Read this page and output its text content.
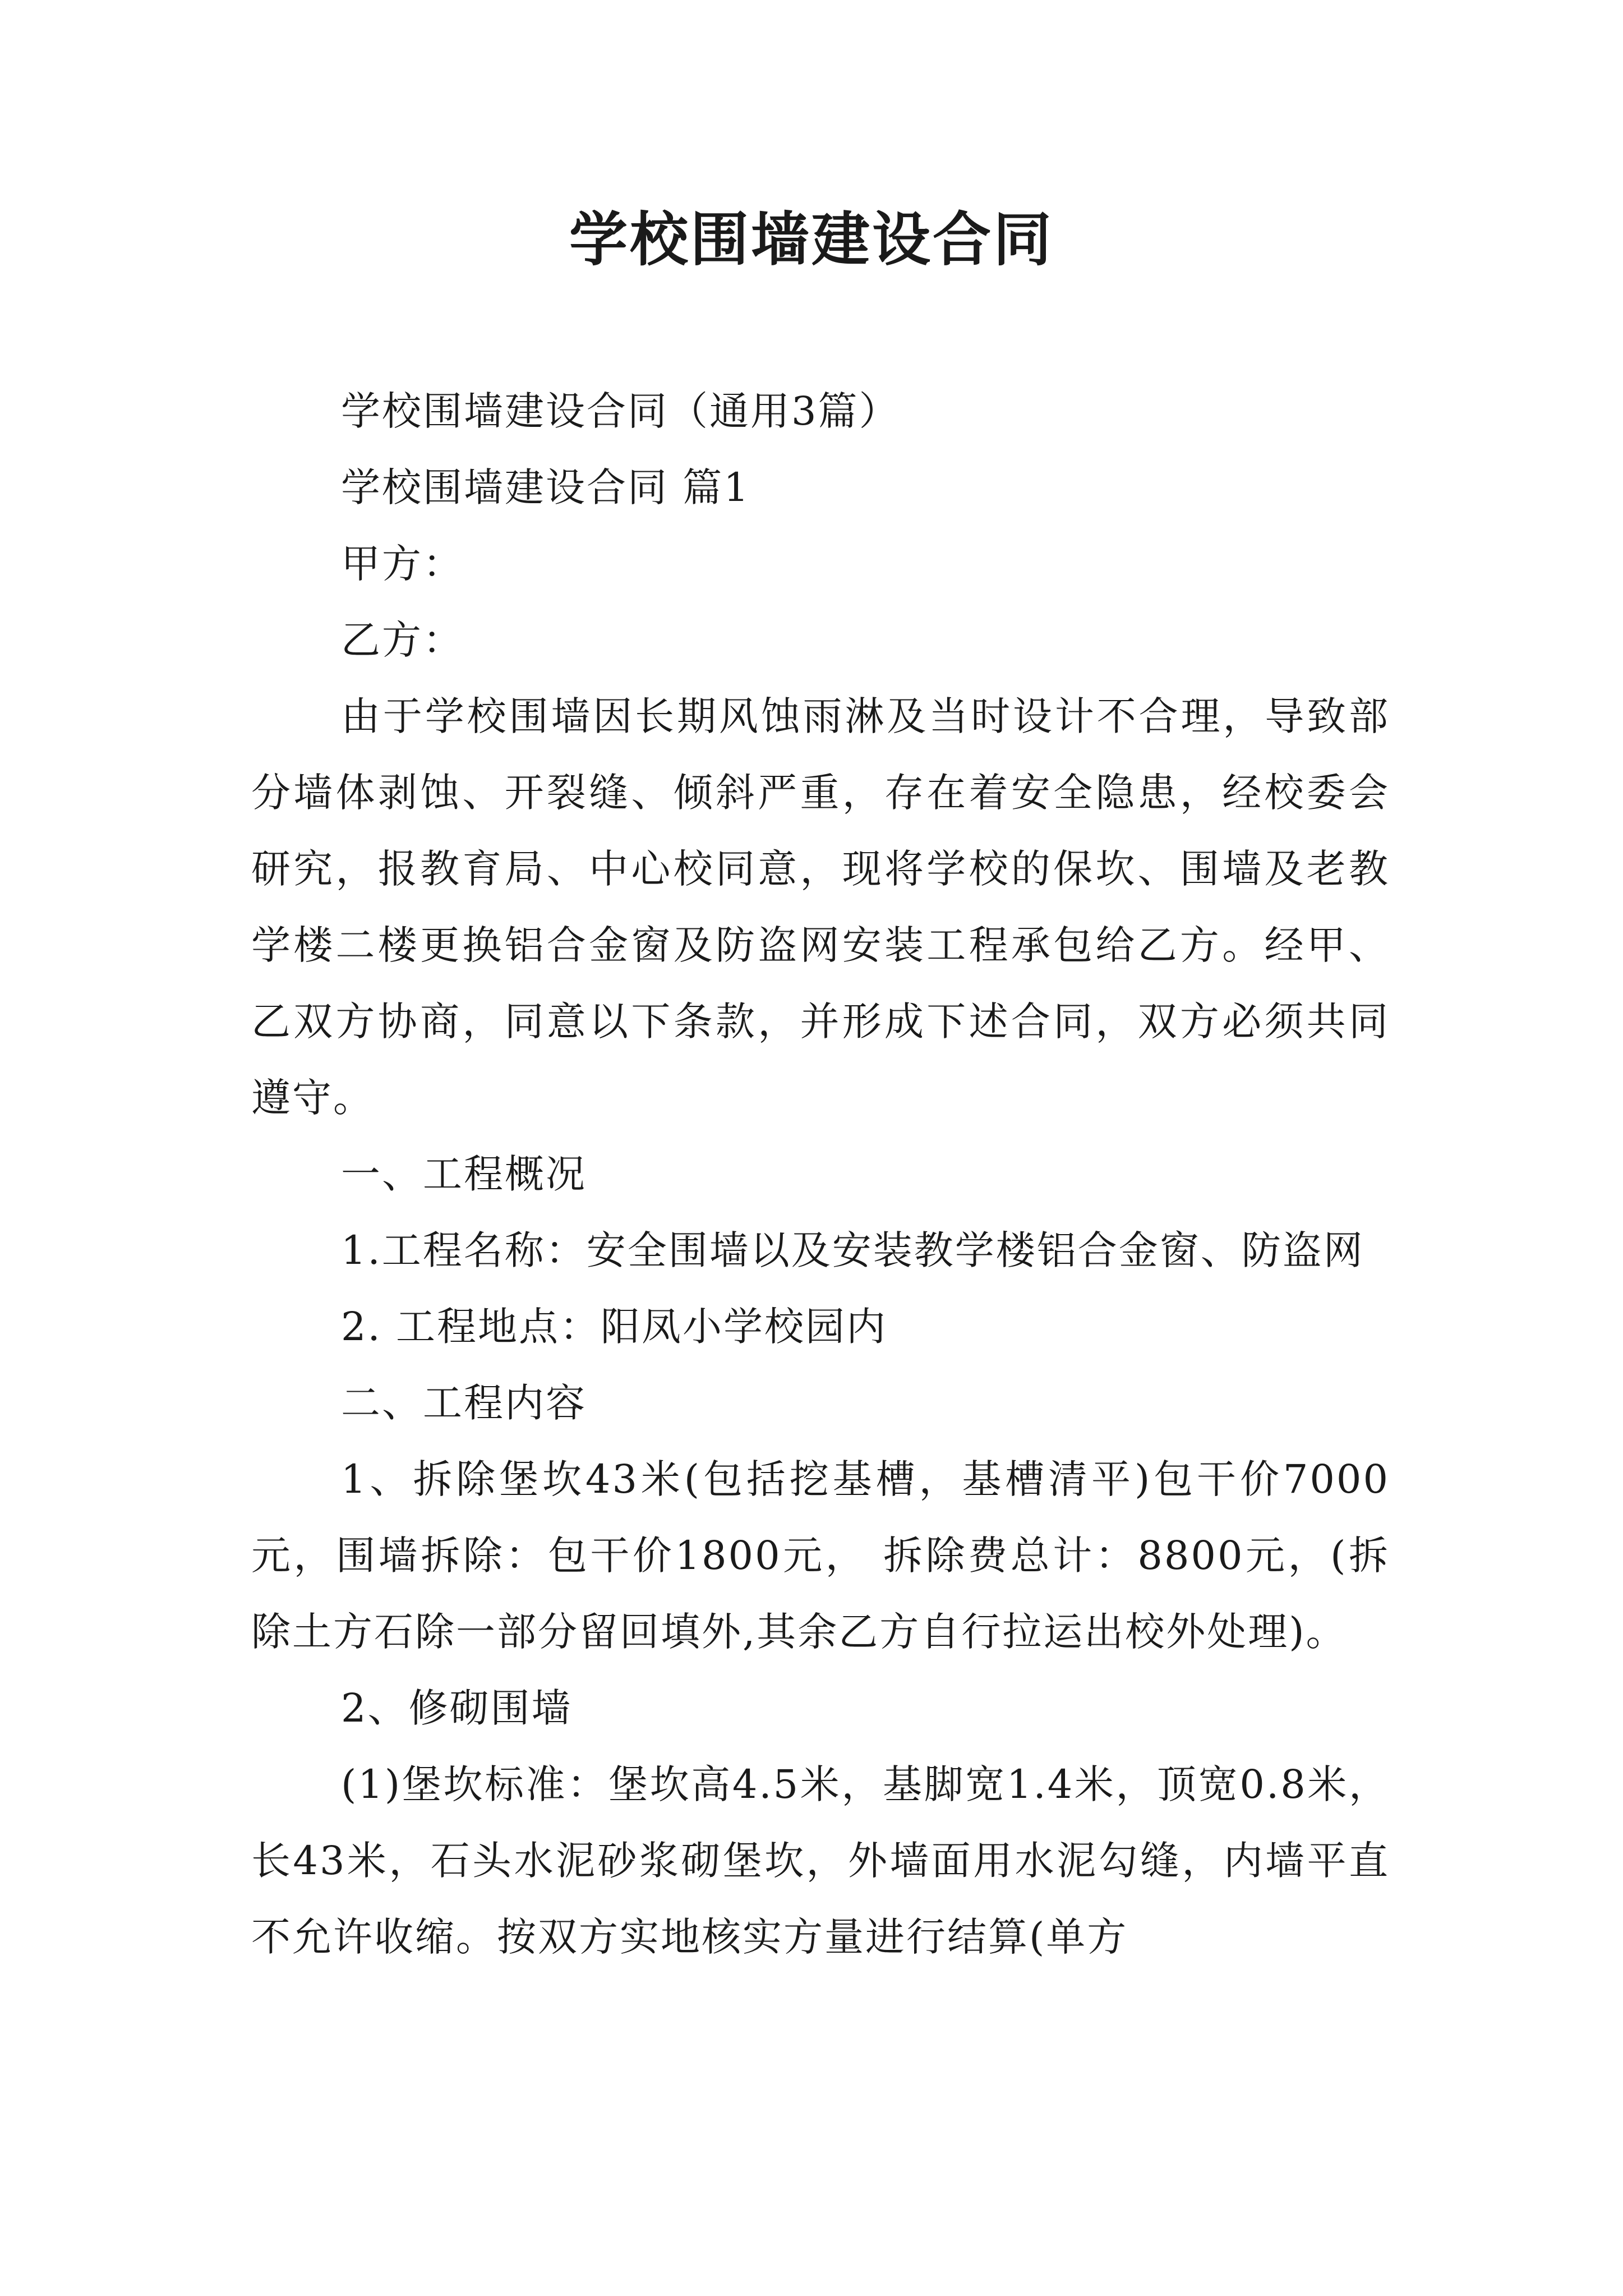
学校围墙建设合同

学校围墙建设合同（通用3篇）

学校围墙建设合同 篇1

甲方：

乙方：

由于学校围墙因长期风蚀雨淋及当时设计不合理，导致部分墙体剥蚀、开裂缝、倾斜严重，存在着安全隐患，经校委会研究，报教育局、中心校同意，现将学校的保坎、围墙及老教学楼二楼更换铝合金窗及防盗网安装工程承包给乙方。经甲、乙双方协商，同意以下条款，并形成下述合同，双方必须共同遵守。

一、工程概况

1.工程名称：安全围墙以及安装教学楼铝合金窗、防盗网

2. 工程地点：阳凤小学校园内

二、工程内容

1、拆除堡坎43米(包括挖基槽，基槽清平)包干价7000元，围墙拆除：包干价1800元， 拆除费总计：8800元，(拆除土方石除一部分留回填外,其余乙方自行拉运出校外处理)。

2、修砌围墙

(1)堡坎标准：堡坎高4.5米，基脚宽1.4米，顶宽0.8米，长43米，石头水泥砂浆砌堡坎，外墙面用水泥勾缝，内墙平直不允许收缩。按双方实地核实方量进行结算(单方
